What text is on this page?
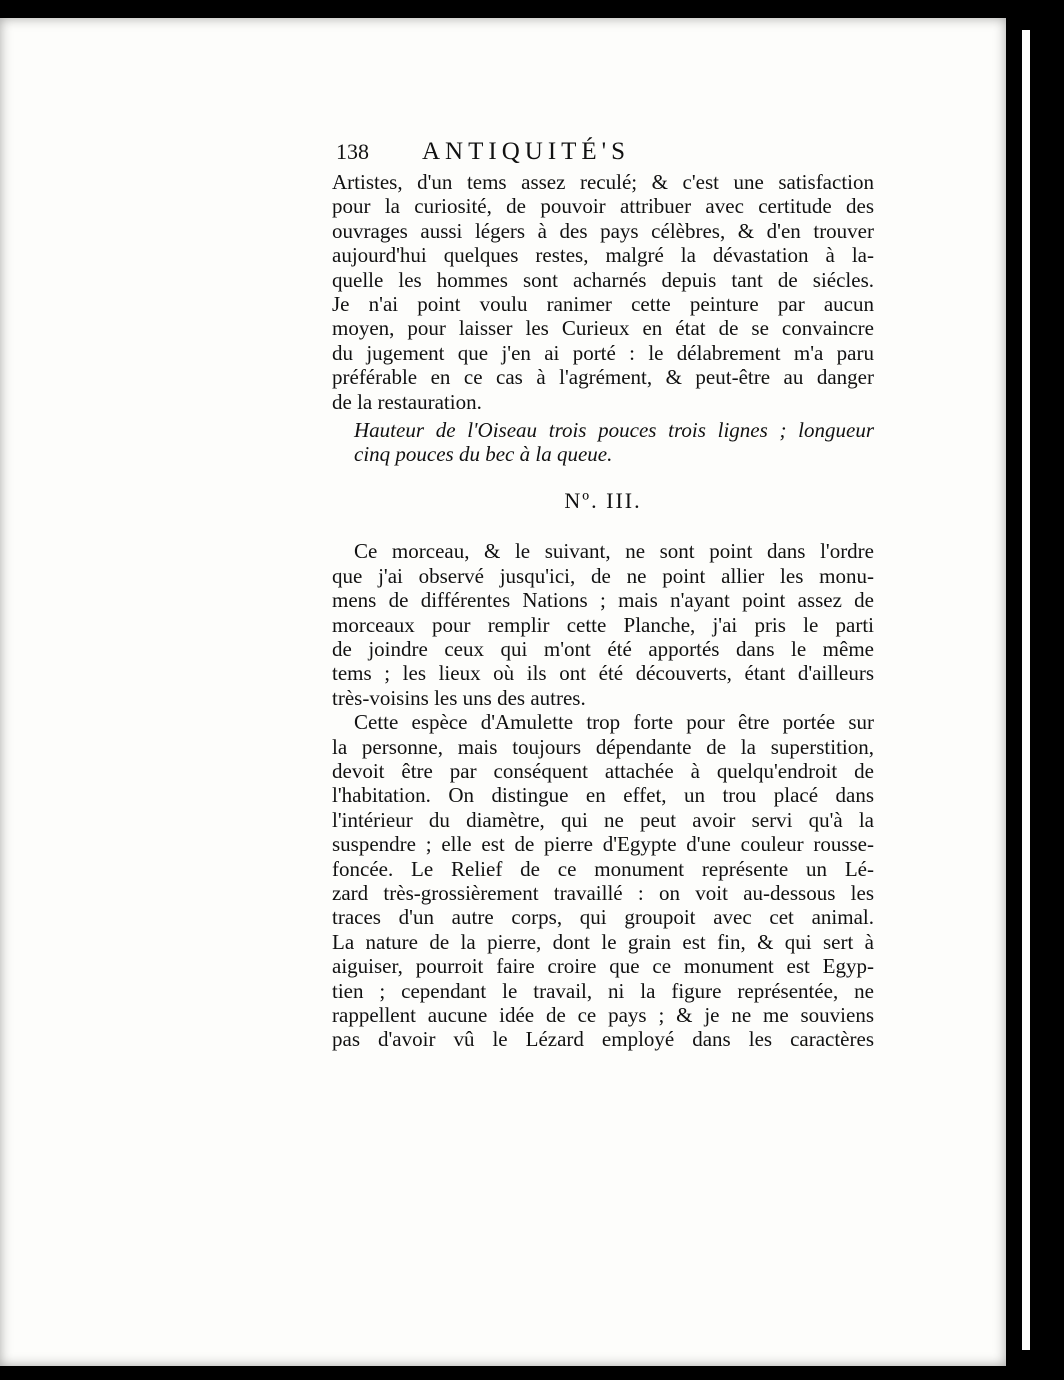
138	ANTIQUITÉ'S

Artistes, d'un tems assez reculé; & c'est une satisfaction
pour la curiosité, de pouvoir attribuer avec certitude des
ouvrages aussi légers à des pays célèbres, & d'en trouver
aujourd'hui quelques restes, malgré la dévastation à la-
quelle les hommes sont acharnés depuis tant de siécles.
Je n'ai point voulu ranimer cette peinture par aucun
moyen, pour laisser les Curieux en état de se convaincre
du jugement que j'en ai porté : le délabrement m'a paru
préférable en ce cas à l'agrément, & peut-être au danger
de la restauration.

Hauteur de l'Oiseau trois pouces trois lignes ; longueur
cinq pouces du bec à la queue.

Nº. III.

Ce morceau, & le suivant, ne sont point dans l'ordre
que j'ai observé jusqu'ici, de ne point allier les monu-
mens de différentes Nations ; mais n'ayant point assez de
morceaux pour remplir cette Planche, j'ai pris le parti
de joindre ceux qui m'ont été apportés dans le même
tems ; les lieux où ils ont été découverts, étant d'ailleurs
très-voisins les uns des autres.

Cette espèce d'Amulette trop forte pour être portée sur
la personne, mais toujours dépendante de la superstition,
devoit être par conséquent attachée à quelqu'endroit de
l'habitation. On distingue en effet, un trou placé dans
l'intérieur du diamètre, qui ne peut avoir servi qu'à la
suspendre ; elle est de pierre d'Egypte d'une couleur rousse-
foncée. Le Relief de ce monument représente un Lé-
zard très-grossièrement travaillé : on voit au-dessous les
traces d'un autre corps, qui groupoit avec cet animal.
La nature de la pierre, dont le grain est fin, & qui sert à
aiguiser, pourroit faire croire que ce monument est Egyp-
tien ; cependant le travail, ni la figure représentée, ne
rappellent aucune idée de ce pays ; & je ne me souviens
pas d'avoir vû le Lézard employé dans les caractères
